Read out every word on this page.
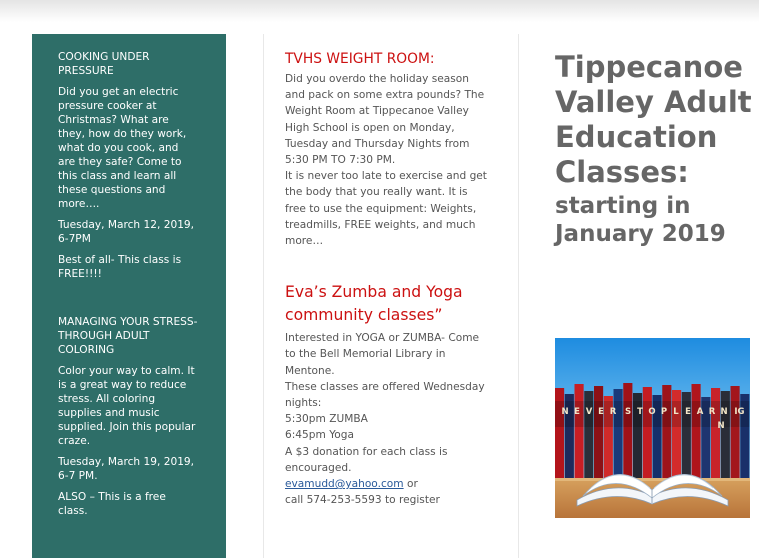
COOKING UNDER PRESSURE
Did you get an electric pressure cooker at Christmas? What are they, how do they work, what do you cook, and are they safe? Come to this class and learn all these questions and more….
Tuesday, March 12, 2019, 6-7PM
Best of all- This class is FREE!!!!
MANAGING YOUR STRESS- THROUGH ADULT COLORING
Color your way to calm. It is a great way to reduce stress. All coloring supplies and music supplied. Join this popular craze.
Tuesday, March 19, 2019, 6-7 PM.
ALSO – This is a free class.
TVHS WEIGHT ROOM:
Did you overdo the holiday season and pack on some extra pounds? The Weight Room at Tippecanoe Valley High School is open on Monday, Tuesday and Thursday Nights from 5:30 PM TO 7:30 PM.
It is never too late to exercise and get the body that you really want. It is free to use the equipment: Weights, treadmills, FREE weights, and much more…
Eva’s Zumba and Yoga community classes”
Interested in YOGA or ZUMBA- Come to the Bell Memorial Library in Mentone.
These classes are offered Wednesday nights:
5:30pm ZUMBA
6:45pm Yoga
A $3 donation for each class is encouraged.
evamudd@yahoo.com or
call 574-253-5593 to register
Tippecanoe
Valley Adult
Education
Classes:
starting in
January 2019
N E V E R S T O P L E A R N I
N
G
